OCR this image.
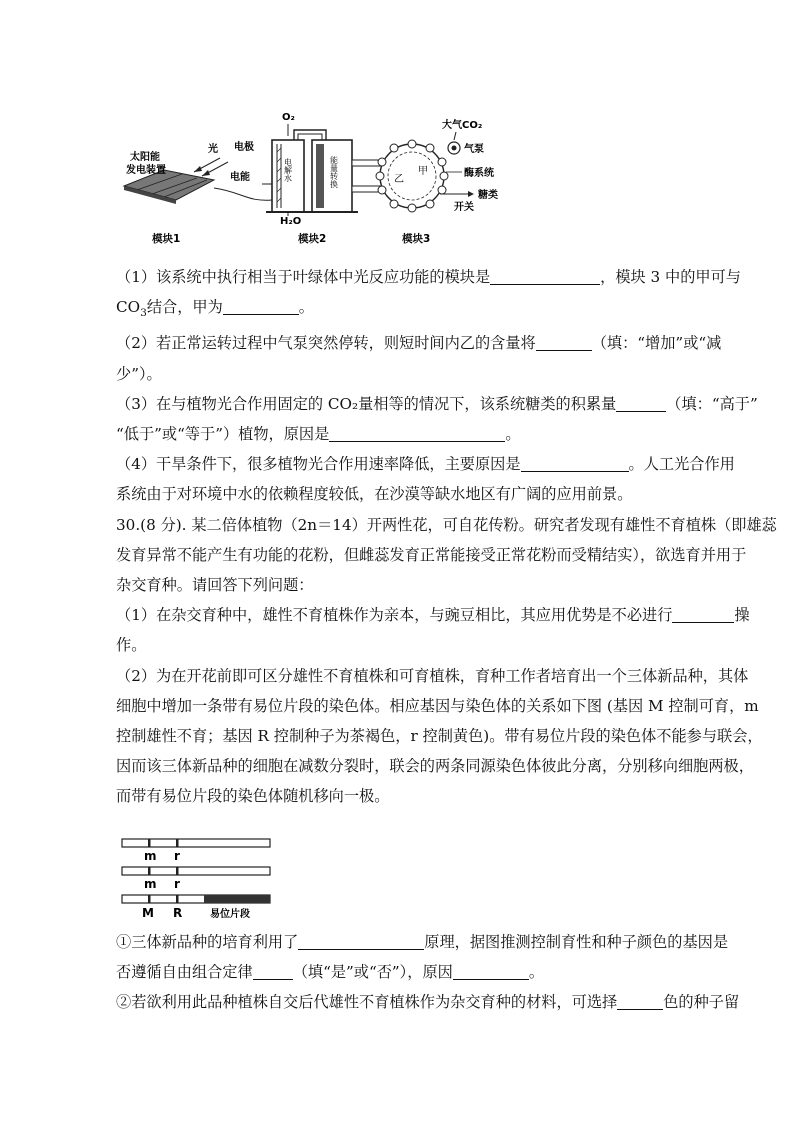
太阳能
发电装置
光
电能
电极
O₂
电解水	能量转换
H₂O
乙
甲
大气CO₂
气泵
酶系统
糖类
开关
模块1	模块2	模块3

（1）该系统中执行相当于叶绿体中光反应功能的模块是	，模块 3 中的甲可与

$CO_3$结合，甲为	。

（2）若正常运转过程中气泵突然停转，则短时间内乙的含量将	（填：“增加”或“减

少”）。

（3）在与植物光合作用固定的 CO₂量相等的情况下，该系统糖类的积累量	（填：“高于”

“低于”或“等于”）植物，原因是	。

（4）干旱条件下，很多植物光合作用速率降低，主要原因是	。人工光合作用

系统由于对环境中水的依赖程度较低，在沙漠等缺水地区有广阔的应用前景。

30.(8 分). 某二倍体植物（2n＝14）开两性花，可自花传粉。研究者发现有雄性不育植株（即雄蕊

发育异常不能产生有功能的花粉，但雌蕊发育正常能接受正常花粉而受精结实），欲选育并用于

杂交育种。请回答下列问题：

（1）在杂交育种中，雄性不育植株作为亲本，与豌豆相比，其应用优势是不必进行	操

作。

（2）为在开花前即可区分雄性不育植株和可育植株，育种工作者培育出一个三体新品种，其体

细胞中增加一条带有易位片段的染色体。相应基因与染色体的关系如下图 (基因 M 控制可育，m

控制雄性不育；基因 R 控制种子为茶褐色，r 控制黄色)。带有易位片段的染色体不能参与联会，

因而该三体新品种的细胞在减数分裂时，联会的两条同源染色体彼此分离，分别移向细胞两极，

而带有易位片段的染色体随机移向一极。

m r
m r
M R	易位片段

①三体新品种的培育利用了	原理，据图推测控制育性和种子颜色的基因是

否遵循自由组合定律	（填“是”或“否”），原因	。

②若欲利用此品种植株自交后代雄性不育植株作为杂交育种的材料，可选择	色的种子留
